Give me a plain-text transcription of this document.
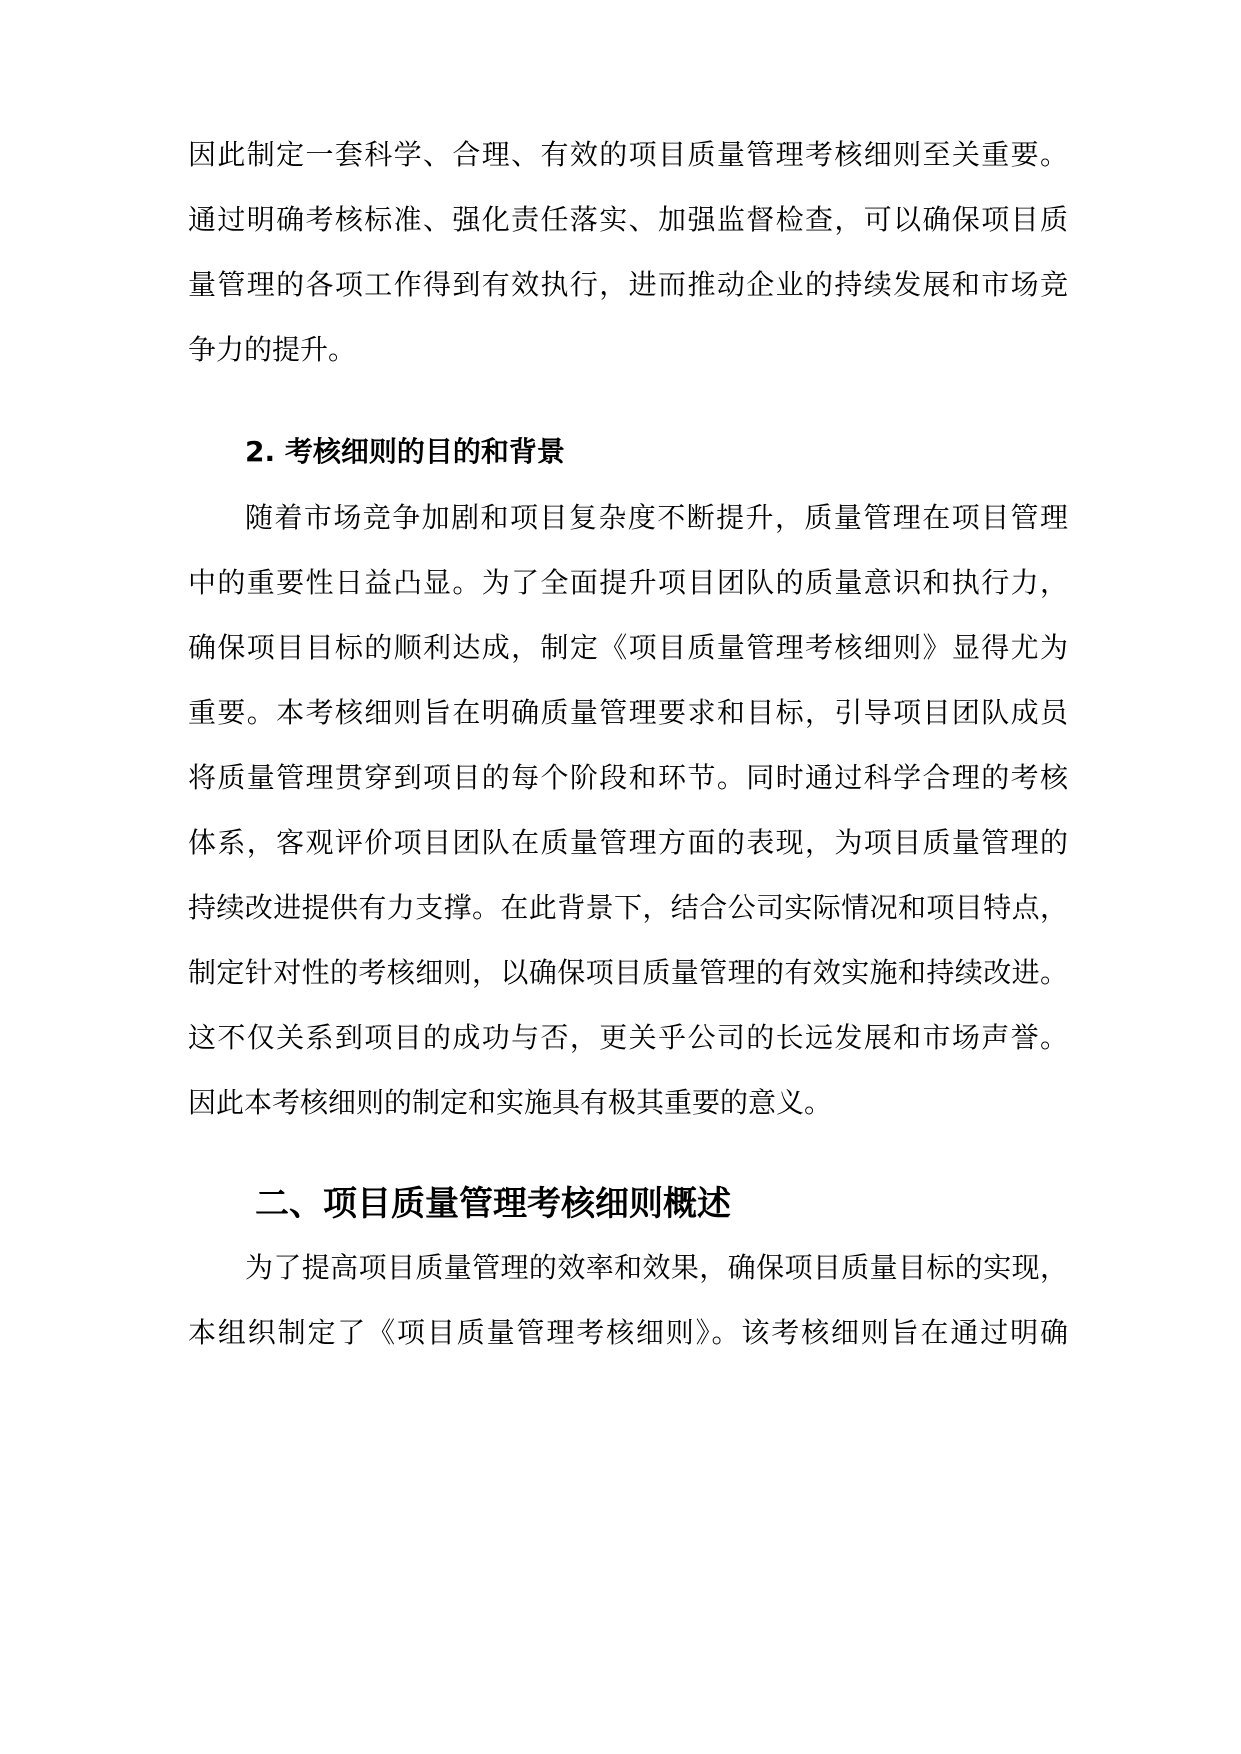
因此制定一套科学、合理、有效的项目质量管理考核细则至关重要。
通过明确考核标准、强化责任落实、加强监督检查，可以确保项目质
量管理的各项工作得到有效执行，进而推动企业的持续发展和市场竞
争力的提升。
2. 考核细则的目的和背景
随着市场竞争加剧和项目复杂度不断提升，质量管理在项目管理
中的重要性日益凸显。为了全面提升项目团队的质量意识和执行力，
确保项目目标的顺利达成，制定《项目质量管理考核细则》显得尤为
重要。本考核细则旨在明确质量管理要求和目标，引导项目团队成员
将质量管理贯穿到项目的每个阶段和环节。同时通过科学合理的考核
体系，客观评价项目团队在质量管理方面的表现，为项目质量管理的
持续改进提供有力支撑。在此背景下，结合公司实际情况和项目特点，
制定针对性的考核细则，以确保项目质量管理的有效实施和持续改进。
这不仅关系到项目的成功与否，更关乎公司的长远发展和市场声誉。
因此本考核细则的制定和实施具有极其重要的意义。
二、项目质量管理考核细则概述
为了提高项目质量管理的效率和效果，确保项目质量目标的实现，
本组织制定了《项目质量管理考核细则》。该考核细则旨在通过明确
